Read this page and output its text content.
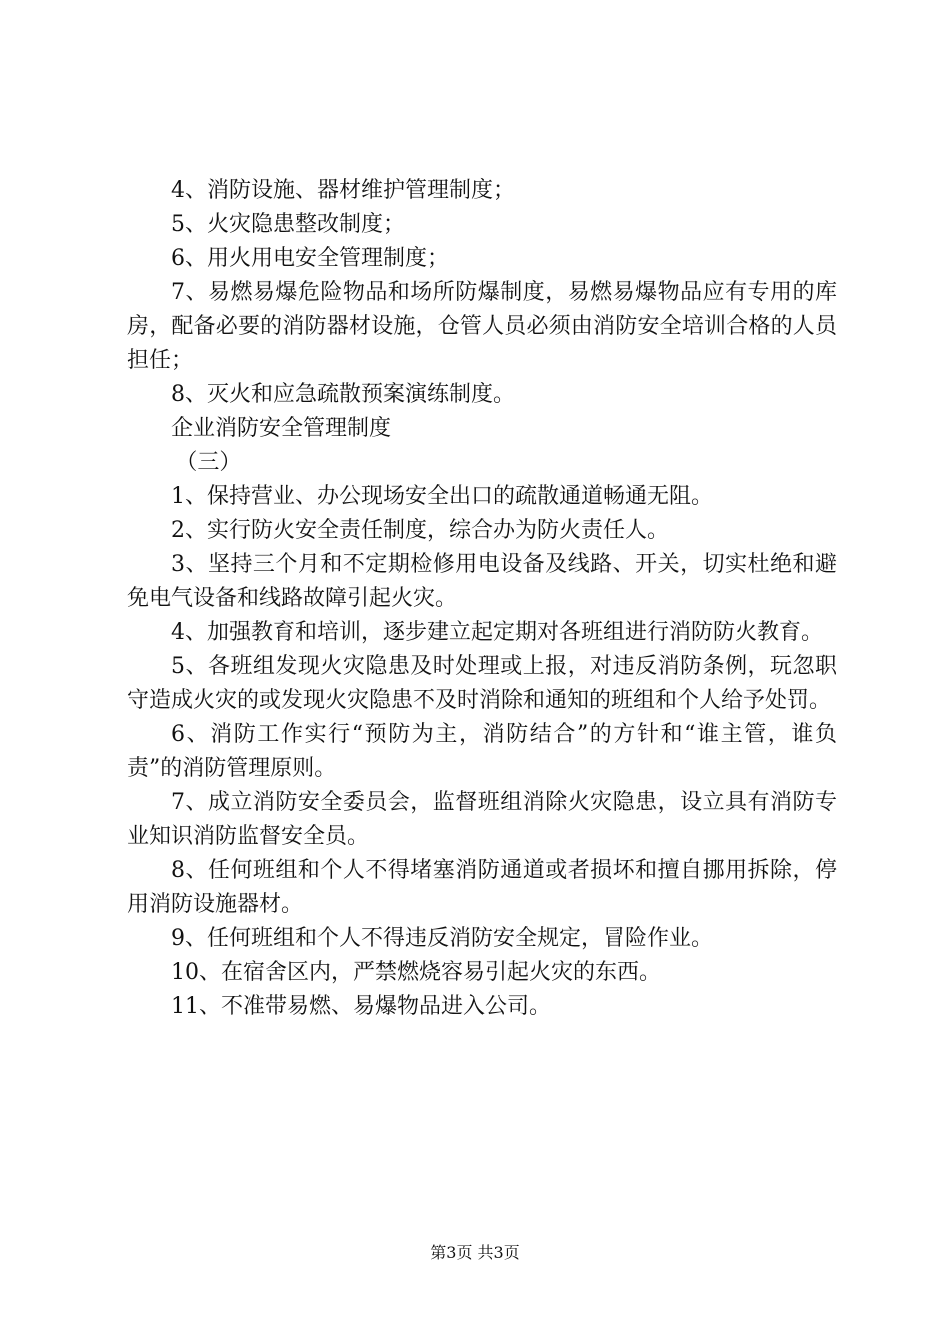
4、消防设施、器材维护管理制度；

5、火灾隐患整改制度；

6、用火用电安全管理制度；

7、易燃易爆危险物品和场所防爆制度，易燃易爆物品应有专用的库房，配备必要的消防器材设施，仓管人员必须由消防安全培训合格的人员担任；

8、灭火和应急疏散预案演练制度。

企业消防安全管理制度

（三）

1、保持营业、办公现场安全出口的疏散通道畅通无阻。

2、实行防火安全责任制度，综合办为防火责任人。

3、坚持三个月和不定期检修用电设备及线路、开关，切实杜绝和避免电气设备和线路故障引起火灾。

4、加强教育和培训，逐步建立起定期对各班组进行消防防火教育。

5、各班组发现火灾隐患及时处理或上报，对违反消防条例，玩忽职守造成火灾的或发现火灾隐患不及时消除和通知的班组和个人给予处罚。

6、消防工作实行“预防为主，消防结合”的方针和“谁主管，谁负责”的消防管理原则。

7、成立消防安全委员会，监督班组消除火灾隐患，设立具有消防专业知识消防监督安全员。

8、任何班组和个人不得堵塞消防通道或者损坏和擅自挪用拆除，停用消防设施器材。

9、任何班组和个人不得违反消防安全规定，冒险作业。

10、在宿舍区内，严禁燃烧容易引起火灾的东西。

11、不准带易燃、易爆物品进入公司。

第3页 共3页
